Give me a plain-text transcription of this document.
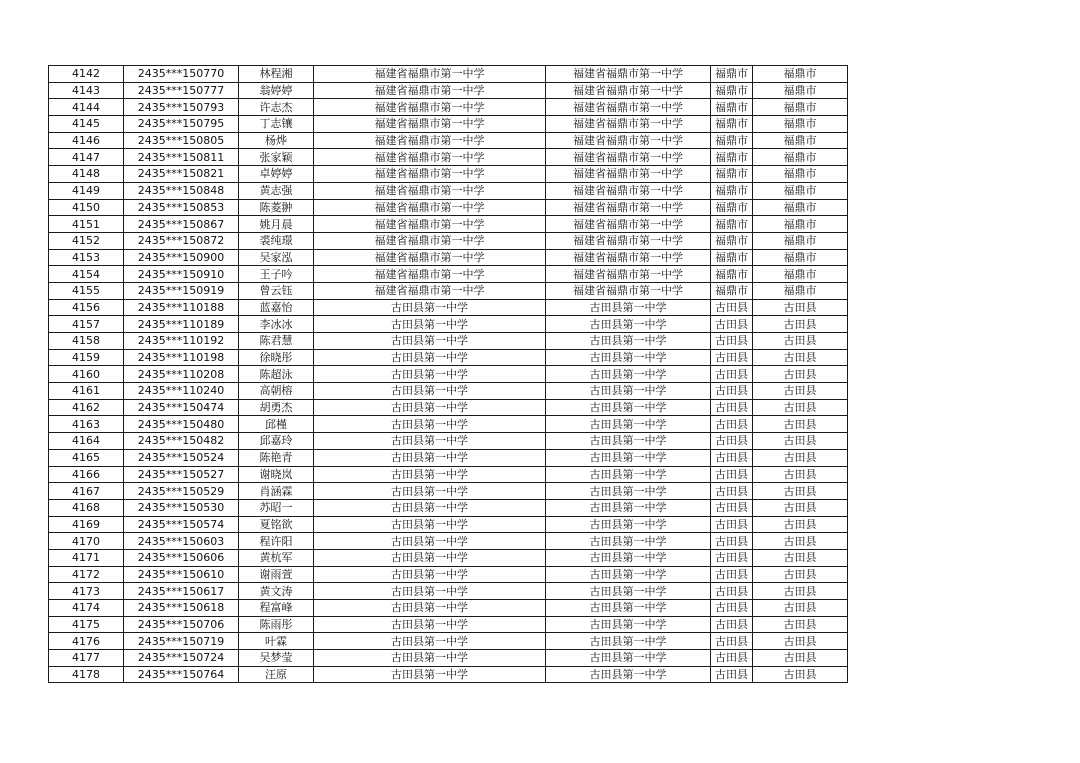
4142	2435***150770	林程湘	福建省福鼎市第一中学	福建省福鼎市第一中学	福鼎市	福鼎市
4143	2435***150777	翁婷婷	福建省福鼎市第一中学	福建省福鼎市第一中学	福鼎市	福鼎市
4144	2435***150793	许志杰	福建省福鼎市第一中学	福建省福鼎市第一中学	福鼎市	福鼎市
4145	2435***150795	丁志镶	福建省福鼎市第一中学	福建省福鼎市第一中学	福鼎市	福鼎市
4146	2435***150805	杨烨	福建省福鼎市第一中学	福建省福鼎市第一中学	福鼎市	福鼎市
4147	2435***150811	张家颖	福建省福鼎市第一中学	福建省福鼎市第一中学	福鼎市	福鼎市
4148	2435***150821	卓婷婷	福建省福鼎市第一中学	福建省福鼎市第一中学	福鼎市	福鼎市
4149	2435***150848	黄志强	福建省福鼎市第一中学	福建省福鼎市第一中学	福鼎市	福鼎市
4150	2435***150853	陈菱翀	福建省福鼎市第一中学	福建省福鼎市第一中学	福鼎市	福鼎市
4151	2435***150867	姚月晨	福建省福鼎市第一中学	福建省福鼎市第一中学	福鼎市	福鼎市
4152	2435***150872	裘纯璟	福建省福鼎市第一中学	福建省福鼎市第一中学	福鼎市	福鼎市
4153	2435***150900	吴家泓	福建省福鼎市第一中学	福建省福鼎市第一中学	福鼎市	福鼎市
4154	2435***150910	王子吟	福建省福鼎市第一中学	福建省福鼎市第一中学	福鼎市	福鼎市
4155	2435***150919	曾云钰	福建省福鼎市第一中学	福建省福鼎市第一中学	福鼎市	福鼎市
4156	2435***110188	蓝嘉怡	古田县第一中学	古田县第一中学	古田县	古田县
4157	2435***110189	李冰冰	古田县第一中学	古田县第一中学	古田县	古田县
4158	2435***110192	陈君慧	古田县第一中学	古田县第一中学	古田县	古田县
4159	2435***110198	徐晓彤	古田县第一中学	古田县第一中学	古田县	古田县
4160	2435***110208	陈超泳	古田县第一中学	古田县第一中学	古田县	古田县
4161	2435***110240	高朝榕	古田县第一中学	古田县第一中学	古田县	古田县
4162	2435***150474	胡勇杰	古田县第一中学	古田县第一中学	古田县	古田县
4163	2435***150480	邱槿	古田县第一中学	古田县第一中学	古田县	古田县
4164	2435***150482	邱嘉玲	古田县第一中学	古田县第一中学	古田县	古田县
4165	2435***150524	陈艳青	古田县第一中学	古田县第一中学	古田县	古田县
4166	2435***150527	谢晓岚	古田县第一中学	古田县第一中学	古田县	古田县
4167	2435***150529	肖涵霖	古田县第一中学	古田县第一中学	古田县	古田县
4168	2435***150530	苏昭一	古田县第一中学	古田县第一中学	古田县	古田县
4169	2435***150574	夏铭欲	古田县第一中学	古田县第一中学	古田县	古田县
4170	2435***150603	程许阳	古田县第一中学	古田县第一中学	古田县	古田县
4171	2435***150606	黄杭军	古田县第一中学	古田县第一中学	古田县	古田县
4172	2435***150610	谢雨萱	古田县第一中学	古田县第一中学	古田县	古田县
4173	2435***150617	黄文涛	古田县第一中学	古田县第一中学	古田县	古田县
4174	2435***150618	程富峰	古田县第一中学	古田县第一中学	古田县	古田县
4175	2435***150706	陈雨彤	古田县第一中学	古田县第一中学	古田县	古田县
4176	2435***150719	叶霖	古田县第一中学	古田县第一中学	古田县	古田县
4177	2435***150724	吴梦莹	古田县第一中学	古田县第一中学	古田县	古田县
4178	2435***150764	汪原	古田县第一中学	古田县第一中学	古田县	古田县
